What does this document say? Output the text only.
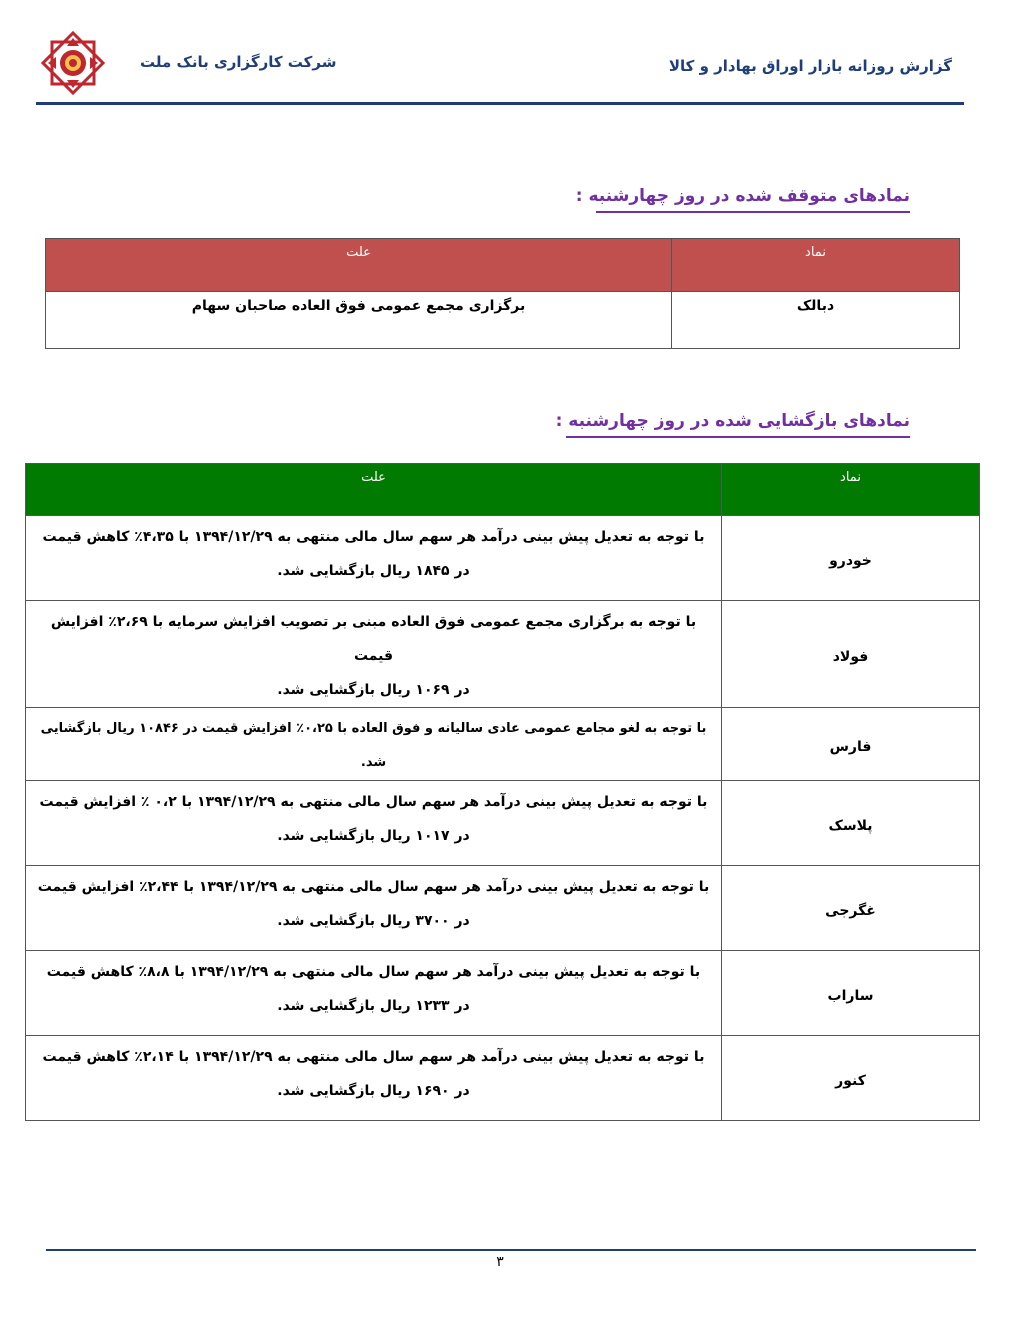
شرکت کارگزاری بانک ملت	گزارش روزانه بازار اوراق بهادار و کالا
نمادهای متوقف شده در روز چهارشنبه :
نماد	علت
دبالک	برگزاری مجمع عمومی فوق العاده صاحبان سهام
نمادهای بازگشایی شده در روز چهارشنبه :
نماد	علت
خودرو	با توجه به تعدیل پیش بینی درآمد هر سهم سال مالی منتهی به ۱۳۹۴/۱۲/۲۹ با ۴،۳۵٪ کاهش قیمت
در ۱۸۴۵ ریال بازگشایی شد.

فولاد	با توجه به برگزاری مجمع عمومی فوق العاده مبنی بر تصویب افزایش سرمایه با ۲،۶۹٪ افزایش قیمت
در ۱۰۶۹ ریال بازگشایی شد.

فارس	با توجه به لغو مجامع عمومی عادی سالیانه و فوق العاده با ۰،۲۵٪ افزایش قیمت در ۱۰۸۴۶ ریال بازگشایی شد.

پلاسک	با توجه به تعدیل پیش بینی درآمد هر سهم سال مالی منتهی به ۱۳۹۴/۱۲/۲۹ با ۰،۲ ٪ افزایش قیمت
در ۱۰۱۷ ریال بازگشایی شد.

غگرجی	با توجه به تعدیل پیش بینی درآمد هر سهم سال مالی منتهی به ۱۳۹۴/۱۲/۲۹ با ۲،۴۴٪ افزایش قیمت
در ۳۷۰۰ ریال بازگشایی شد.

ساراب	با توجه به تعدیل پیش بینی درآمد هر سهم سال مالی منتهی به ۱۳۹۴/۱۲/۲۹ با ۸،۸٪ کاهش قیمت
در ۱۲۳۳ ریال بازگشایی شد.

کنور	با توجه به تعدیل پیش بینی درآمد هر سهم سال مالی منتهی به ۱۳۹۴/۱۲/۲۹ با ۲،۱۴٪ کاهش قیمت
در ۱۶۹۰ ریال بازگشایی شد.
۳
